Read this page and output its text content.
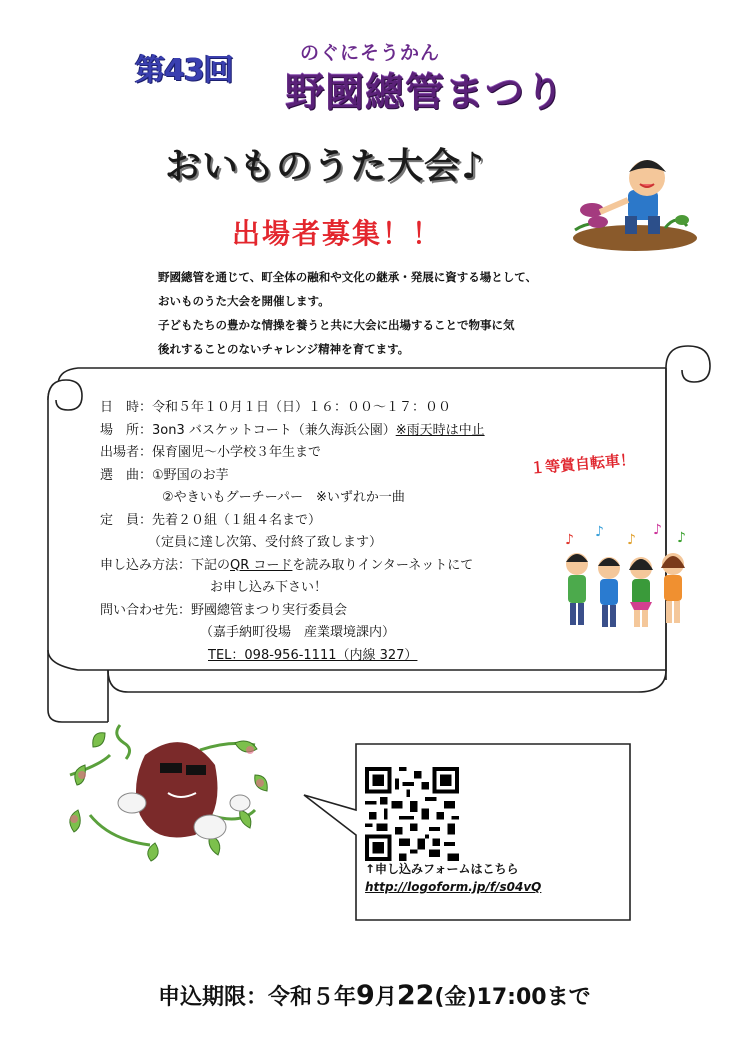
第43回	のぐにそうかん
野國總管まつり
おいものうた大会♪
出場者募集！！

野國總管を通じて、町全体の融和や文化の継承・発展に資する場として、

おいものうた大会を開催します。

子どもたちの豊かな情操を養うと共に大会に出場することで物事に気

後れすることのないチャレンジ精神を育てます。

日　時：令和５年１０月１日（日）１６：００〜１７：００
場　所：3on3 バスケットコート（兼久海浜公園）※雨天時は中止
出場者：保育園児〜小学校３年生まで
選　曲：①野国のお芋
②やきいもグーチーパー　※いずれか一曲
定　員：先着２０組（１組４名まで）
（定員に達し次第、受付終了致します）
申し込み方法：下記のQR コードを読み取りインターネットにて
お申し込み下さい！
問い合わせ先：野國總管まつり実行委員会
（嘉手納町役場　産業環境課内）
TEL：098-956-1111（内線 327）
１等賞自転車！
♪ ♪ ♪
♪ ♪
↑申し込みフォームはこちら
http://logoform.jp/f/s04vQ
申込期限：令和５年9月22(金)17:00まで
